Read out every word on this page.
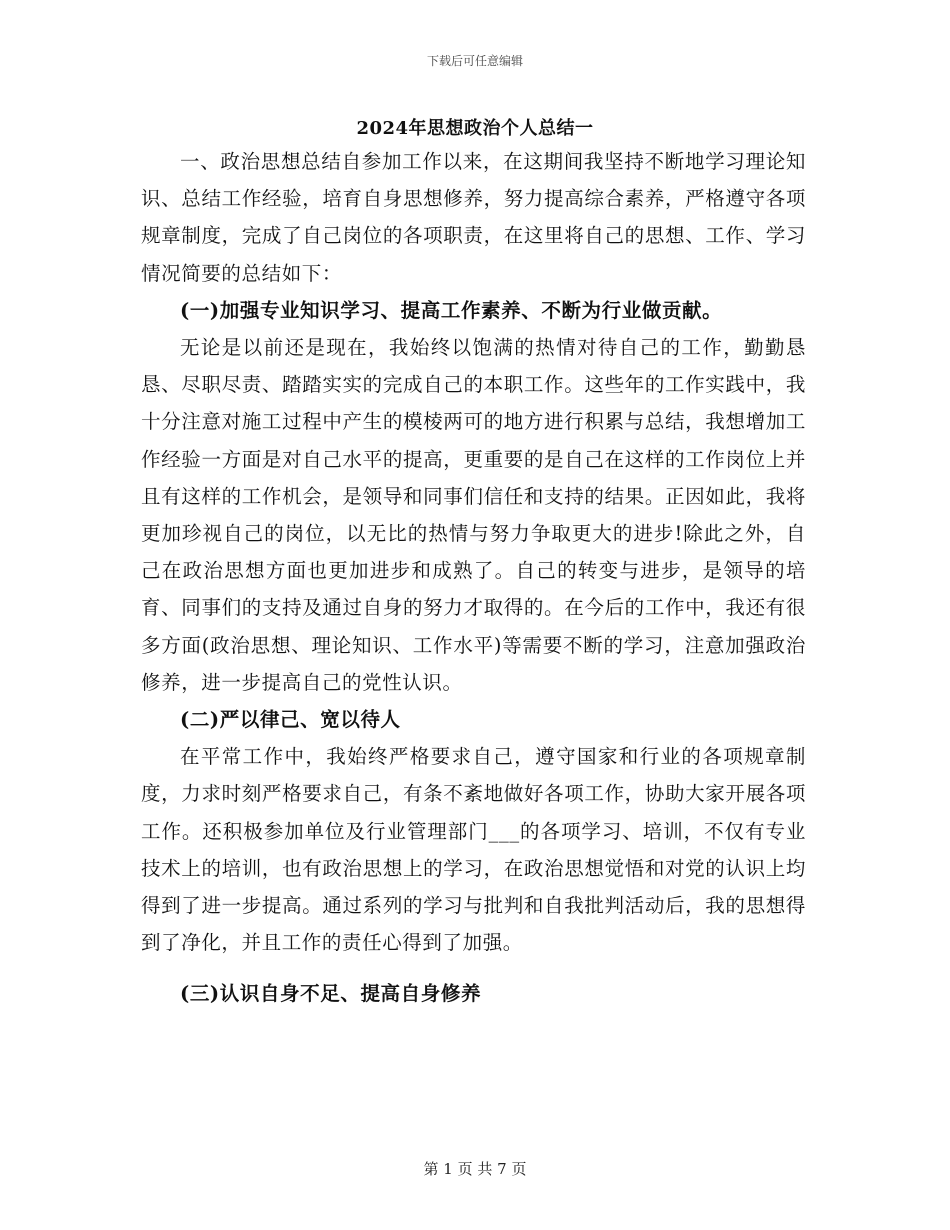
下载后可任意编辑
2024年思想政治个人总结一

一、政治思想总结自参加工作以来，在这期间我坚持不断地学习理论知识、总结工作经验，培育自身思想修养，努力提高综合素养，严格遵守各项规章制度，完成了自己岗位的各项职责，在这里将自己的思想、工作、学习情况简要的总结如下：

(一)加强专业知识学习、提高工作素养、不断为行业做贡献。

无论是以前还是现在，我始终以饱满的热情对待自己的工作，勤勤恳恳、尽职尽责、踏踏实实的完成自己的本职工作。这些年的工作实践中，我十分注意对施工过程中产生的模棱两可的地方进行积累与总结，我想增加工作经验一方面是对自己水平的提高，更重要的是自己在这样的工作岗位上并且有这样的工作机会，是领导和同事们信任和支持的结果。正因如此，我将更加珍视自己的岗位，以无比的热情与努力争取更大的进步!除此之外，自己在政治思想方面也更加进步和成熟了。自己的转变与进步，是领导的培育、同事们的支持及通过自身的努力才取得的。在今后的工作中，我还有很多方面(政治思想、理论知识、工作水平)等需要不断的学习，注意加强政治修养，进一步提高自己的党性认识。

(二)严以律己、宽以待人

在平常工作中，我始终严格要求自己，遵守国家和行业的各项规章制度，力求时刻严格要求自己，有条不紊地做好各项工作，协助大家开展各项工作。还积极参加单位及行业管理部门___的各项学习、培训，不仅有专业技术上的培训，也有政治思想上的学习，在政治思想觉悟和对党的认识上均得到了进一步提高。通过系列的学习与批判和自我批判活动后，我的思想得到了净化，并且工作的责任心得到了加强。

(三)认识自身不足、提高自身修养

第 1 页 共 7 页
